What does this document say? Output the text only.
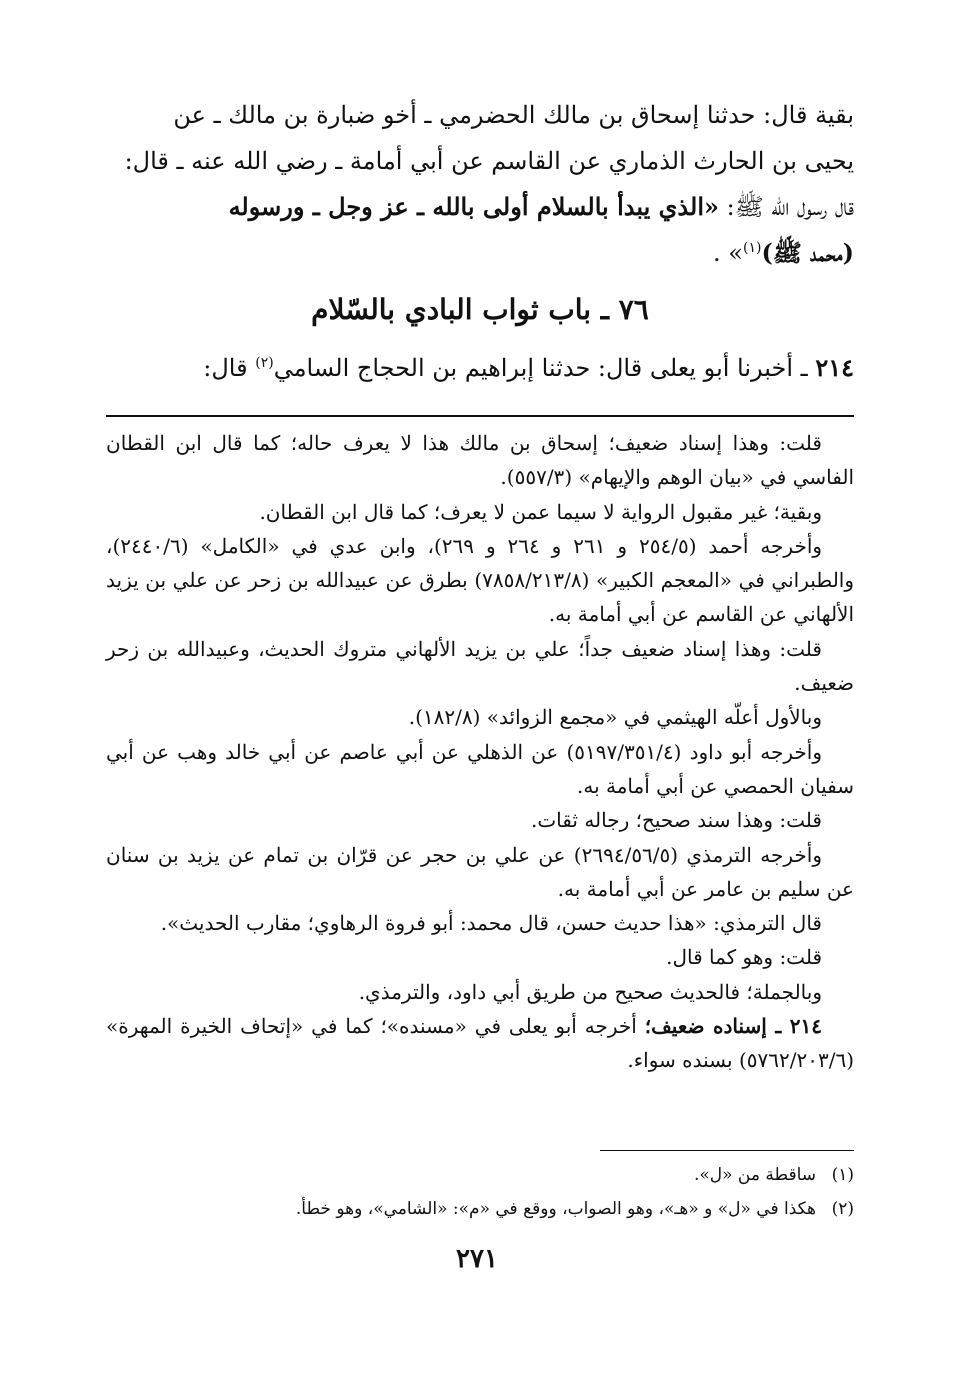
بقية قال: حدثنا إسحاق بن مالك الحضرمي ـ أخو ضبارة بن مالك ـ عن

يحيى بن الحارث الذماري عن القاسم عن أبي أمامة ـ رضي الله عنه ـ قال:

قال رسول الله ﷺ: «الذي يبدأ بالسلام أولى بالله ـ عز وجل ـ ورسوله

(محمد ﷺ)$^{(١)}$» .

٧٦ ـ باب ثواب البادي بالسّلام
٢١٤ ـ أخبرنا أبو يعلى قال: حدثنا إبراهيم بن الحجاج السامي$^{(٢)}$ قال:

قلت: وهذا إسناد ضعيف؛ إسحاق بن مالك هذا لا يعرف حاله؛ كما قال ابن القطان الفاسي في «بيان الوهم والإيهام» (٥٥٧/٣).

وبقية؛ غير مقبول الرواية لا سيما عمن لا يعرف؛ كما قال ابن القطان.

وأخرجه أحمد (٢٥٤/٥ و ٢٦١ و ٢٦٤ و ٢٦٩)، وابن عدي في «الكامل» (٢٤٤٠/٦)، والطبراني في «المعجم الكبير» (٧٨٥٨/٢١٣/٨) بطرق عن عبيدالله بن زحر عن علي بن يزيد الألهاني عن القاسم عن أبي أمامة به.

قلت: وهذا إسناد ضعيف جداً؛ علي بن يزيد الألهاني متروك الحديث، وعبيدالله بن زحر ضعيف.

وبالأول أعلّه الهيثمي في «مجمع الزوائد» (١٨٢/٨).

وأخرجه أبو داود (٥١٩٧/٣٥١/٤) عن الذهلي عن أبي عاصم عن أبي خالد وهب عن أبي سفيان الحمصي عن أبي أمامة به.

قلت: وهذا سند صحيح؛ رجاله ثقات.

وأخرجه الترمذي (٢٦٩٤/٥٦/٥) عن علي بن حجر عن قرّان بن تمام عن يزيد بن سنان عن سليم بن عامر عن أبي أمامة به.

قال الترمذي: «هذا حديث حسن، قال محمد: أبو فروة الرهاوي؛ مقارب الحديث».

قلت: وهو كما قال.

وبالجملة؛ فالحديث صحيح من طريق أبي داود، والترمذي.

٢١٤ ـ إسناده ضعيف؛ أخرجه أبو يعلى في «مسنده»؛ كما في «إتحاف الخيرة المهرة» (٥٧٦٢/٢٠٣/٦) بسنده سواء.

(١)ساقطة من «ل».

(٢)هكذا في «ل» و «هـ»، وهو الصواب، ووقع في «م»: «الشامي»، وهو خطأ.

٢٧١
